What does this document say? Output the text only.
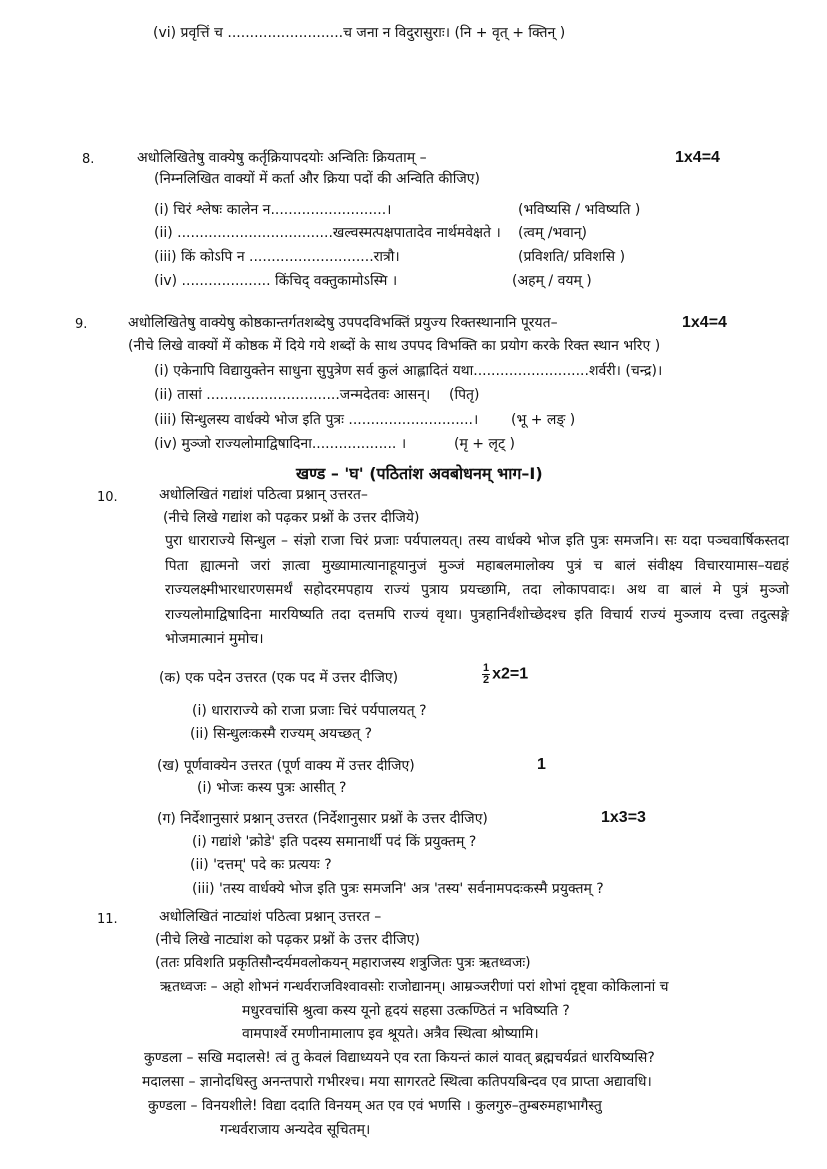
(vi) प्रवृत्तिं च ..........................च जना न विदुरासुराः। (नि + वृत् + क्तिन् )
8.	अधोलिखितेषु वाक्येषु कर्तृक्रियापदयोः अन्वितिः क्रियताम् –	1x4=4
(निम्नलिखित वाक्यों में कर्ता और क्रिया पदों की अन्विति कीजिए)
(i) चिरं श्लेषः कालेन न..........................।	(भविष्यसि / भविष्यति )
(ii) ...................................खल्वस्मत्पक्षपातादेव नार्थमवेक्षते । (त्वम् /भवान्)
(iii) किं कोऽपि न ............................रात्रौ।	(प्रविशति/ प्रविशसि )
(iv) .................... किंचिद् वक्तुकामोऽस्मि ।	(अहम् / वयम् )
9.	अधोलिखितेषु वाक्येषु कोष्ठकान्तर्गतशब्देषु उपपदविभक्तिं प्रयुज्य रिक्तस्थानानि पूरयत–	1x4=4
(नीचे लिखे वाक्यों में कोष्ठक में दिये गये शब्दों के साथ उपपद विभक्ति का प्रयोग करके रिक्त स्थान भरिए )
(i) एकेनापि विद्यायुक्तेन साधुना सुपुत्रेण सर्व कुलं आह्लादितं यथा..........................शर्वरी। (चन्द्र)।
(ii) तासां ..............................जन्मदेतवः आसन्। (पितृ)
(iii) सिन्धुलस्य वार्धक्ये भोज इति पुत्रः ............................। (भू + लङ् )
(iv) मुञ्जो राज्यलोमाद्विषादिना................... ।	(मृ + लृट् )
खण्ड – 'घ' (पठितांश अवबोधनम् भाग–I)
10.	अधोलिखितं गद्यांशं पठित्वा प्रश्नान् उत्तरत–
(नीचे लिखे गद्यांश को पढ़कर प्रश्नों के उत्तर दीजिये)
पुरा धाराराज्ये सिन्धुल – संज्ञो राजा चिरं प्रजाः पर्यपालयत्। तस्य वार्धक्ये भोज इति पुत्रः समजनि। सः यदा पञ्चवार्षिकस्तदा पिता ह्यात्मनो जरां ज्ञात्वा मुख्यामात्यानाहूयानुजं मुञ्जं महाबलमालोक्य पुत्रं च बालं संवीक्ष्य विचारयामास–यद्यहं राज्यलक्ष्मीभारधारणसमर्थं सहोदरमपहाय राज्यं पुत्राय प्रयच्छामि, तदा लोकापवादः। अथ वा बालं मे पुत्रं मुञ्जो राज्यलोमाद्विषादिना मारयिष्यति तदा दत्तमपि राज्यं वृथा। पुत्रहानिर्वंशोच्छेदश्च इति विचार्य राज्यं मुञ्जाय दत्त्वा तदुत्सङ्गे भोजमात्मानं मुमोच।
(क) एक पदेन उत्तरत (एक पद में उत्तर दीजिए)	$\frac{1}{2} x2=1$
(i) धाराराज्ये को राजा प्रजाः चिरं पर्यपालयत् ?
(ii) सिन्धुलःकस्मै राज्यम् अयच्छत् ?
(ख) पूर्णवाक्येन उत्तरत (पूर्ण वाक्य में उत्तर दीजिए)	1
(i) भोजः कस्य पुत्रः आसीत् ?
(ग) निर्देशानुसारं प्रश्नान् उत्तरत (निर्देशानुसार प्रश्नों के उत्तर दीजिए)	1x3=3
(i) गद्यांशे 'क्रोडे' इति पदस्य समानार्थी पदं किं प्रयुक्तम् ?
(ii) 'दत्तम्' पदे कः प्रत्ययः ?
(iii) 'तस्य वार्धक्ये भोज इति पुत्रः समजनि' अत्र 'तस्य' सर्वनामपदःकस्मै प्रयुक्तम् ?
11.	अधोलिखितं नाट्यांशं पठित्वा प्रश्नान् उत्तरत –
(नीचे लिखे नाट्यांश को पढ़कर प्रश्नों के उत्तर दीजिए)
(ततः प्रविशति प्रकृतिसौन्दर्यमवलोकयन् महाराजस्य शत्रुजितः पुत्रः ऋतध्वजः)
ऋतध्वजः – अहो शोभनं गन्धर्वराजविश्वावसोः राजोद्यानम्। आम्रञ्जरीणां परां शोभां दृष्ट्वा कोकिलानां च
मधुरवचांसि श्रुत्वा कस्य यूनो हृदयं सहसा उत्कण्ठितं न भविष्यति ?
वामपार्श्वे रमणीनामालाप इव श्रूयते। अत्रैव स्थित्वा श्रोष्यामि।
कुण्डला – सखि मदालसे! त्वं तु केवलं विद्याध्ययने एव रता कियन्तं कालं यावत् ब्रह्मचर्यव्रतं धारयिष्यसि?
मदालसा – ज्ञानोदधिस्तु अनन्तपारो गभीरश्च। मया सागरतटे स्थित्वा कतिपयबिन्दव एव प्राप्ता अद्यावधि।
कुण्डला – विनयशीले! विद्या ददाति विनयम् अत एव एवं भणसि । कुलगुरु–तुम्बरुमहाभागैस्तु
गन्धर्वराजाय अन्यदेव सूचितम्।
